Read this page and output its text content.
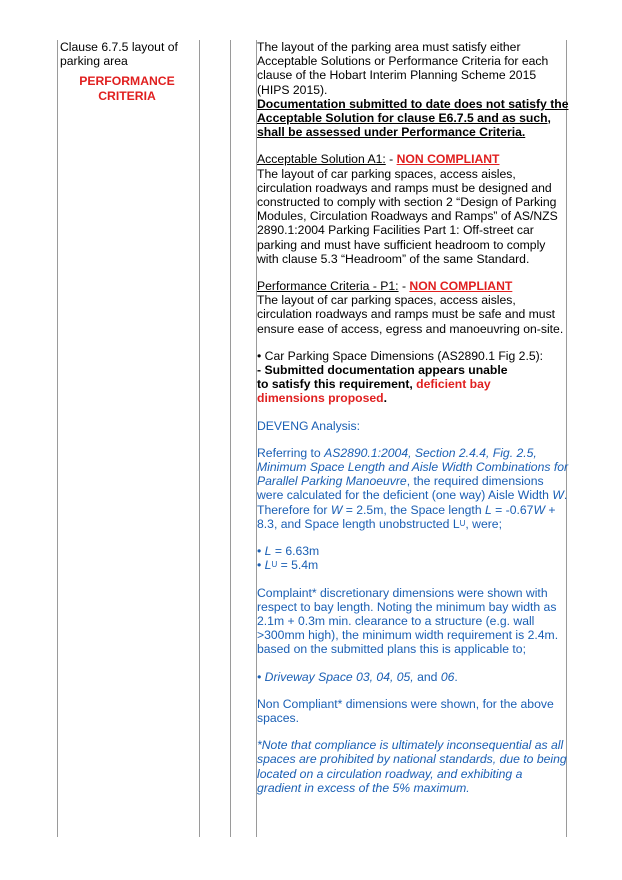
Clause 6.7.5 layout of parking area
PERFORMANCE CRITERIA

The layout of the parking area must satisfy either Acceptable Solutions or Performance Criteria for each clause of the Hobart Interim Planning Scheme 2015 (HIPS 2015).

Documentation submitted to date does not satisfy the Acceptable Solution for clause E6.7.5 and as such, shall be assessed under Performance Criteria.

Acceptable Solution A1: - NON COMPLIANT

The layout of car parking spaces, access aisles, circulation roadways and ramps must be designed and constructed to comply with section 2 “Design of Parking Modules, Circulation Roadways and Ramps” of AS/NZS 2890.1:2004 Parking Facilities Part 1: Off-street car parking and must have sufficient headroom to comply with clause 5.3 “Headroom” of the same Standard.

Performance Criteria - P1: - NON COMPLIANT

The layout of car parking spaces, access aisles, circulation roadways and ramps must be safe and must ensure ease of access, egress and manoeuvring on-site.

• Car Parking Space Dimensions (AS2890.1 Fig 2.5):

- Submitted documentation appears unable to satisfy this requirement, deficient bay dimensions proposed.

DEVENG Analysis:

Referring to AS2890.1:2004, Section 2.4.4, Fig. 2.5, Minimum Space Length and Aisle Width Combinations for Parallel Parking Manoeuvre, the required dimensions were calculated for the deficient (one way) Aisle Width W. Therefore for W = 2.5m, the Space length L = -0.67W + 8.3, and Space length unobstructed $L^U$, were;

• L = 6.63m

• $L^U = 5.4m$

Complaint* discretionary dimensions were shown with respect to bay length. Noting the minimum bay width as 2.1m + 0.3m min. clearance to a structure (e.g. wall >300mm high), the minimum width requirement is 2.4m. based on the submitted plans this is applicable to;

• Driveway Space 03, 04, 05, and 06.

Non Compliant* dimensions were shown, for the above spaces.

*Note that compliance is ultimately inconsequential as all spaces are prohibited by national standards, due to being located on a circulation roadway, and exhibiting a gradient in excess of the 5% maximum.
